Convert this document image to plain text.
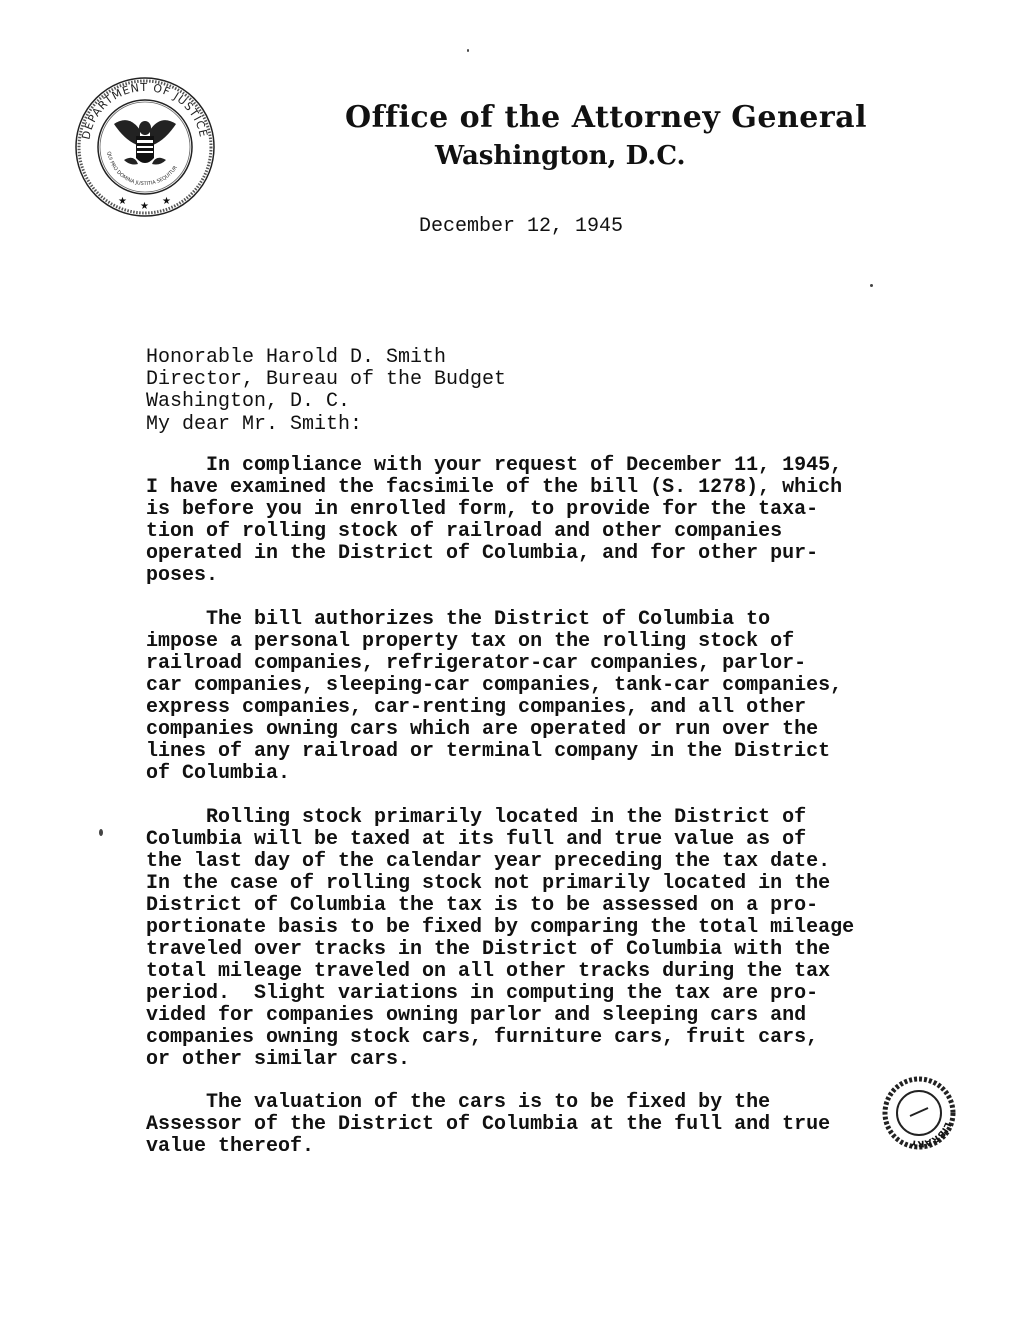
DEPARTMENT OF JUSTICE
QUI PRO DOMINA JUSTITIA SEQUITUR
★ ★ ★
Office of the Attorney General
Washington, D.C.
December 12, 1945
Honorable Harold D. Smith
Director, Bureau of the Budget
Washington, D. C.
My dear Mr. Smith:
In compliance with your request of December 11, 1945,
I have examined the facsimile of the bill (S. 1278), which
is before you in enrolled form, to provide for the taxa-
tion of rolling stock of railroad and other companies
operated in the District of Columbia, and for other pur-
poses.
The bill authorizes the District of Columbia to
impose a personal property tax on the rolling stock of
railroad companies, refrigerator-car companies, parlor-
car companies, sleeping-car companies, tank-car companies,
express companies, car-renting companies, and all other
companies owning cars which are operated or run over the
lines of any railroad or terminal company in the District
of Columbia.
Rolling stock primarily located in the District of
Columbia will be taxed at its full and true value as of
the last day of the calendar year preceding the tax date.
In the case of rolling stock not primarily located in the
District of Columbia the tax is to be assessed on a pro-
portionate basis to be fixed by comparing the total mileage
traveled over tracks in the District of Columbia with the
total mileage traveled on all other tracks during the tax
period.  Slight variations in computing the tax are pro-
vided for companies owning parlor and sleeping cars and
companies owning stock cars, furniture cars, fruit cars,
or other similar cars.
The valuation of the cars is to be fixed by the
Assessor of the District of Columbia at the full and true
value thereof.
LIBRARY
